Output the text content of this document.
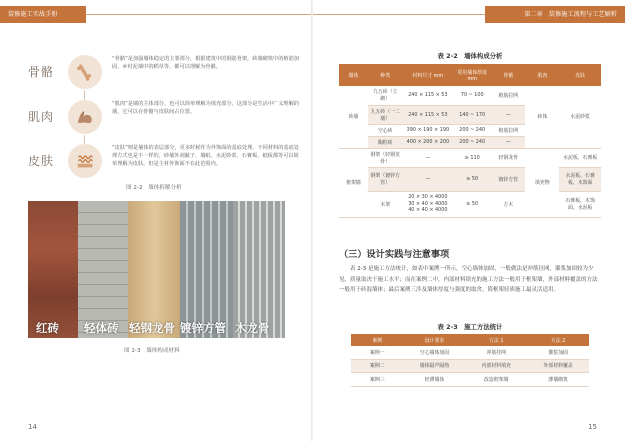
装修施工实战手册
骨骼
“骨骼”是加强墙体稳定的主要部分，根据建筑中的钢筋骨架，砖墙砌筑中的植筋加固、乡村泥墙中的稻草等，都可以理解为骨骼。
肌肉
“肌肉”是墙的主体部分，也可以简单理解为填充部分，这部分是生活中广义理解的墙，它可以在骨骼与皮肤间占位置。
皮肤
“皮肤”则是墙体的表层部分，更多时候作为外饰面的基底处理，不同材料的基底处理方式也是不一样的，砂墙外刮腻子、墙纸、水泥砂浆、石膏板、纸板都等可以简单理解为皮肤，但是主材外饰面不在此范围内。
图 2-2　墙体拆解分析
红砖 轻体砖 轻钢龙骨 镀锌方管 木龙骨
图 2-3　墙体构成材料
14
第二章　装修施工流程与工艺解析
表 2-2　墙体构成分析
墙体	种类	材料尺寸 mm	常用墙体厚度 mm	骨骼	肌肉	皮肤
砖墙	九五砖（立砌）	240 × 115 × 53	70 ~ 100	植筋拉网	砖体	水泥砂浆
	九五砖（一二墙）	240 × 115 × 53	140 ~ 170	—		
	空心砖	390 × 190 × 190	200 ~ 240	植筋拉网		
	陶粒砖	400 × 200 × 200	200 ~ 240	—		
框架墙	钢架（轻钢龙骨）	—	≥ 110	轻钢龙骨	填充物	水泥板、石膏板
	钢架（镀锌方管）	—	≥ 50	镀锌方管		水泥板、石膏板、木饰面
	木架	20 × 30 × 4000
30 × 40 × 4000
40 × 40 × 4000	≥ 50	方木		石膏板、木饰面、水泥板
（三）设计实践与注意事项
表 2-3 是施工方法统计，如表中案例一所示，空心墙体加固，一般做法是冲筋挂网，灌浆加固较为少见，质量取决于施工水平；而在案例二中，内部材料填充的施工方法一般用于框架墙，外部材料覆盖的方法一般用于砖混墙体；最后案例三涉及墙体厚度与强度的取舍，简框架轻质施工最灵活适用。
表 2-3　施工方法统计
案例	设计要求	方法 1	方法 2
案例一	空心墙体加固	冲筋挂网	灌浆加固
案例二	墙体隔声隔热	内部材料填充	外部材料覆盖
案例三	轻薄墙体	改造框架墙	薄墙砌筑
15
